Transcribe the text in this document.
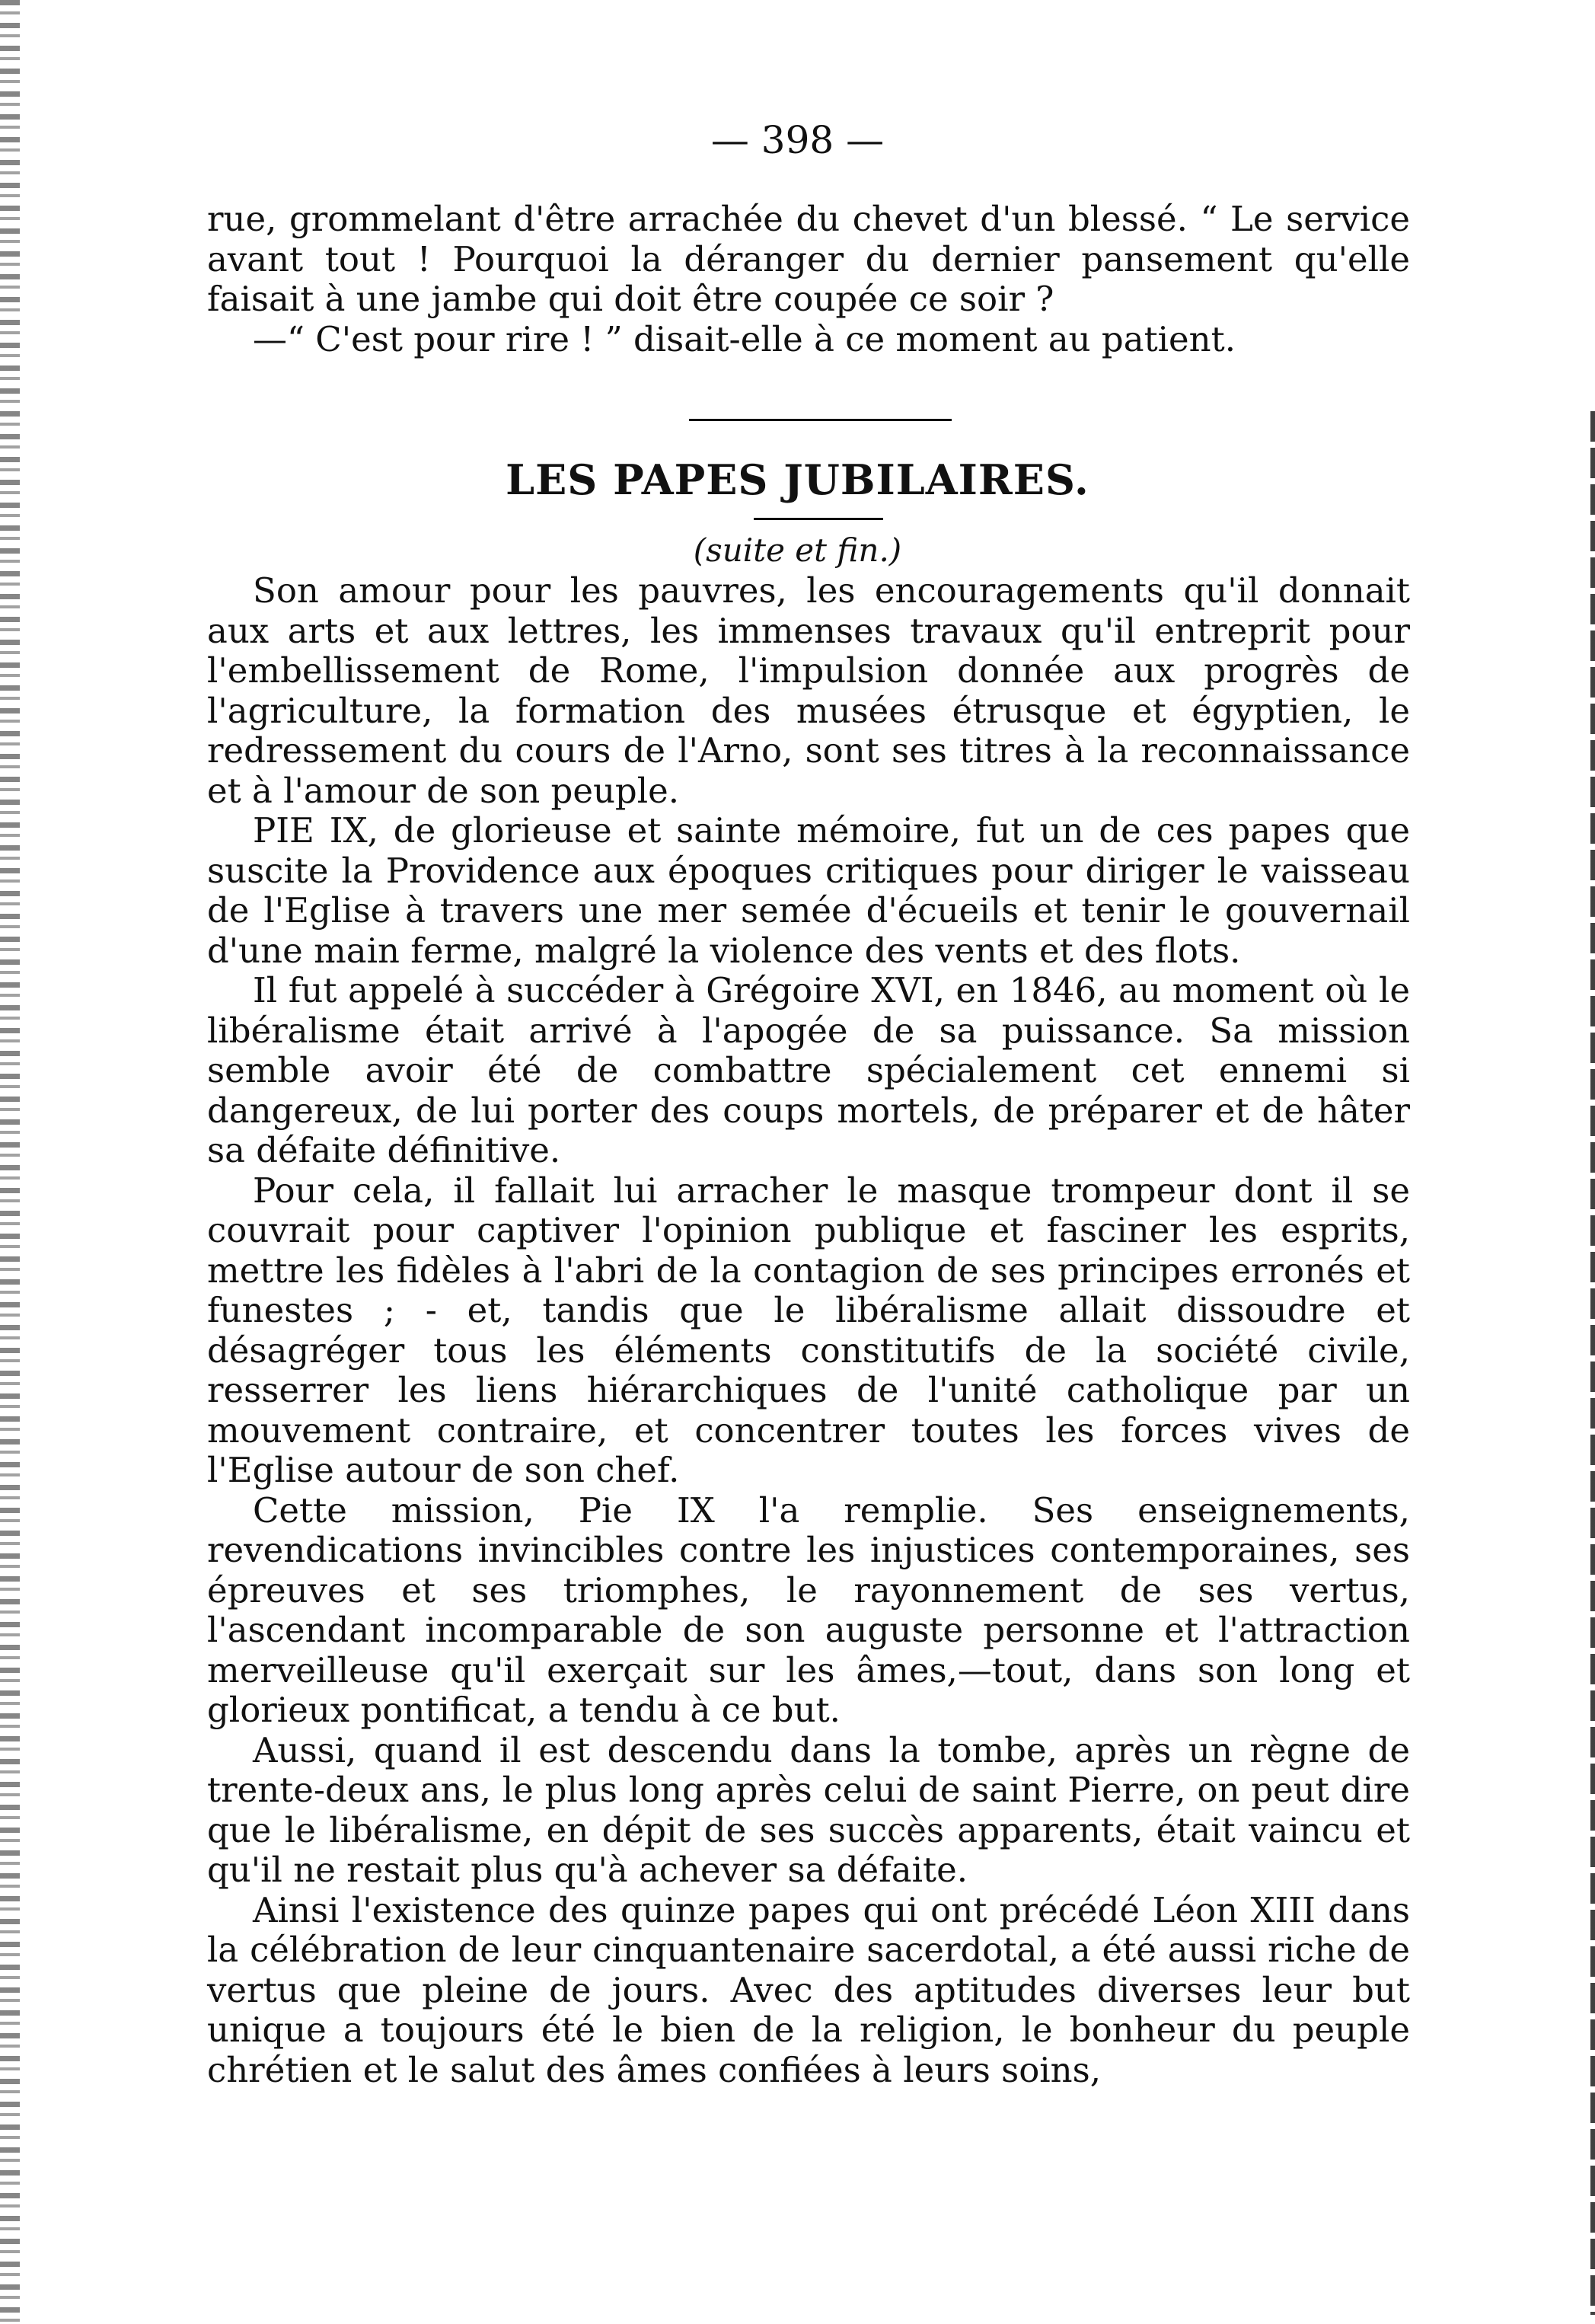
— 398 —

rue, grommelant d'être arrachée du chevet d'un blessé. “ Le service avant tout ! Pourquoi la déranger du dernier pansement qu'elle faisait à une jambe qui doit être coupée ce soir ?

—“ C'est pour rire ! ” disait-elle à ce moment au patient.

LES PAPES JUBILAIRES.
(suite et fin.)

Son amour pour les pauvres, les encouragements qu'il donnait aux arts et aux lettres, les immenses travaux qu'il entreprit pour l'embellissement de Rome, l'impulsion donnée aux progrès de l'agriculture, la formation des musées étrusque et égyptien, le redressement du cours de l'Arno, sont ses titres à la reconnaissance et à l'amour de son peuple.

PIE IX, de glorieuse et sainte mémoire, fut un de ces papes que suscite la Providence aux époques critiques pour diriger le vaisseau de l'Eglise à travers une mer semée d'écueils et tenir le gouvernail d'une main ferme, malgré la violence des vents et des flots.

Il fut appelé à succéder à Grégoire XVI, en 1846, au moment où le libéralisme était arrivé à l'apogée de sa puissance. Sa mission semble avoir été de combattre spécialement cet ennemi si dangereux, de lui porter des coups mortels, de préparer et de hâter sa défaite définitive.

Pour cela, il fallait lui arracher le masque trompeur dont il se couvrait pour captiver l'opinion publique et fasciner les esprits, mettre les fidèles à l'abri de la contagion de ses principes erronés et funestes ; - et, tandis que le libéralisme allait dissoudre et désagréger tous les éléments constitutifs de la société civile, resserrer les liens hiérarchiques de l'unité catholique par un mouvement contraire, et concentrer toutes les forces vives de l'Eglise autour de son chef.

Cette mission, Pie IX l'a remplie. Ses enseignements, revendications invincibles contre les injustices contemporaines, ses épreuves et ses triomphes, le rayonnement de ses vertus, l'ascendant incomparable de son auguste personne et l'attraction merveilleuse qu'il exerçait sur les âmes,—tout, dans son long et glorieux pontificat, a tendu à ce but.

Aussi, quand il est descendu dans la tombe, après un règne de trente-deux ans, le plus long après celui de saint Pierre, on peut dire que le libéralisme, en dépit de ses succès apparents, était vaincu et qu'il ne restait plus qu'à achever sa défaite.

Ainsi l'existence des quinze papes qui ont précédé Léon XIII dans la célébration de leur cinquantenaire sacerdotal, a été aussi riche de vertus que pleine de jours. Avec des aptitudes diverses leur but unique a toujours été le bien de la religion, le bonheur du peuple chrétien et le salut des âmes confiées à leurs soins,
